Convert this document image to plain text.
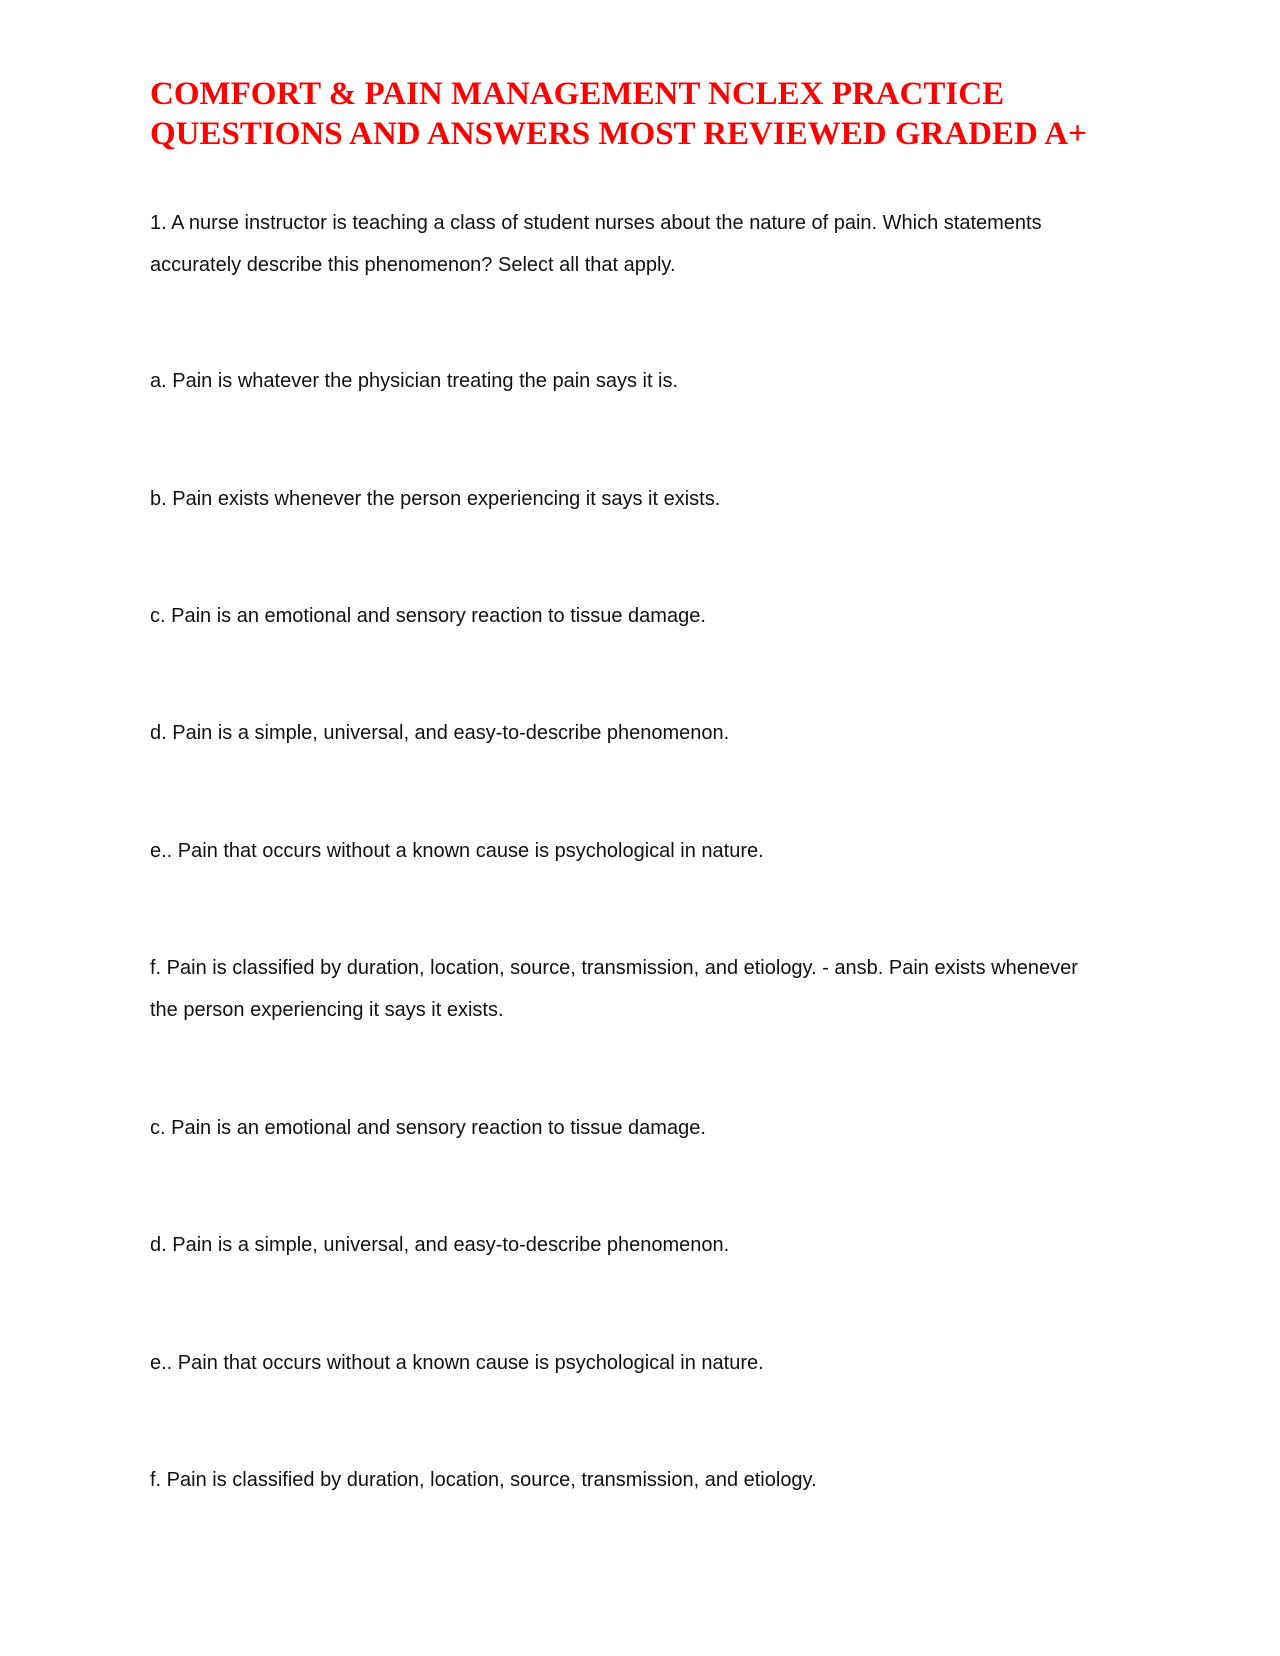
COMFORT & PAIN MANAGEMENT NCLEX PRACTICE
QUESTIONS AND ANSWERS MOST REVIEWED GRADED A+

1. A nurse instructor is teaching a class of student nurses about the nature of pain. Which statements
accurately describe this phenomenon? Select all that apply.

a. Pain is whatever the physician treating the pain says it is.

b. Pain exists whenever the person experiencing it says it exists.

c. Pain is an emotional and sensory reaction to tissue damage.

d. Pain is a simple, universal, and easy-to-describe phenomenon.

e.. Pain that occurs without a known cause is psychological in nature.

f. Pain is classified by duration, location, source, transmission, and etiology. - ansb. Pain exists whenever
the person experiencing it says it exists.

c. Pain is an emotional and sensory reaction to tissue damage.

d. Pain is a simple, universal, and easy-to-describe phenomenon.

e.. Pain that occurs without a known cause is psychological in nature.

f. Pain is classified by duration, location, source, transmission, and etiology.
